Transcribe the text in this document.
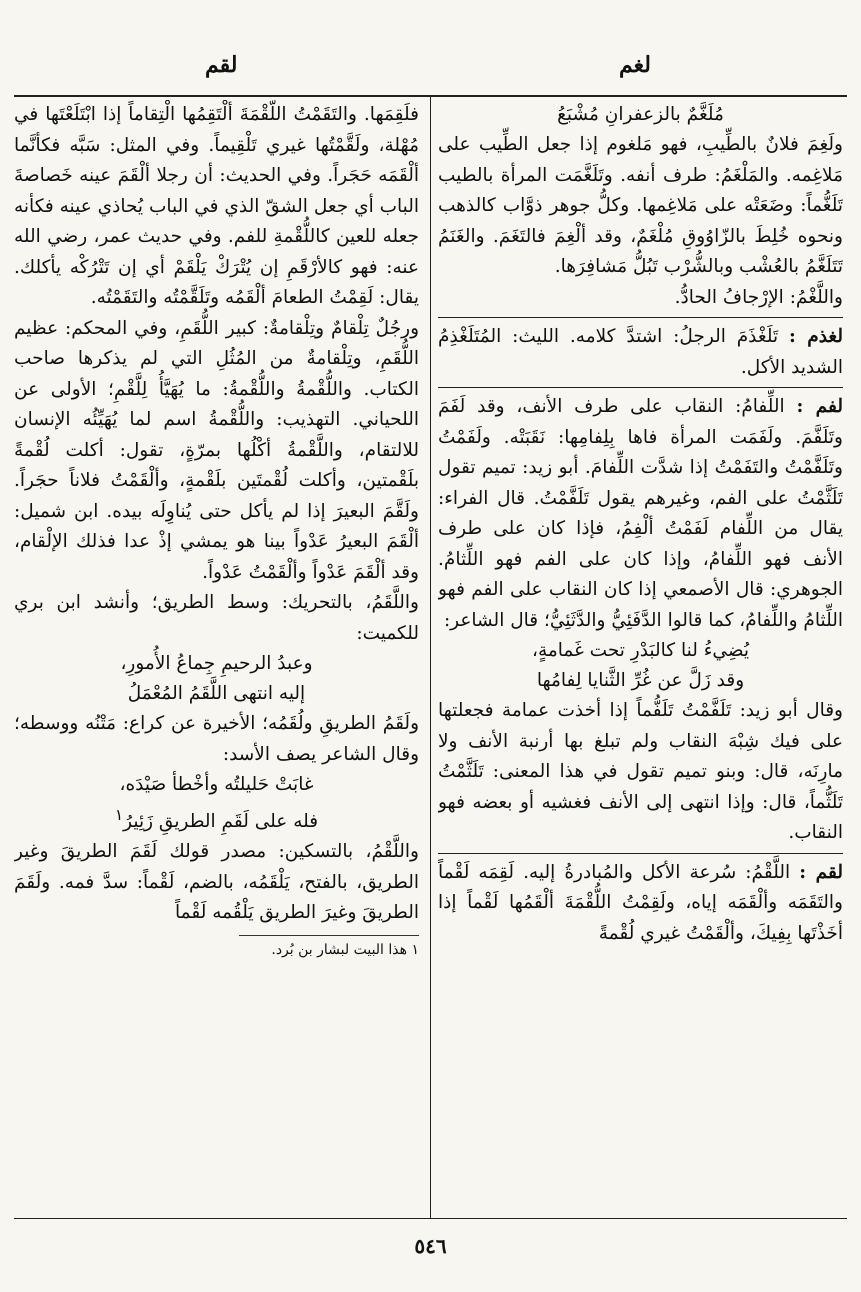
لغم
لقم

مُلَغَّمٌ بالزعفرانِ مُشْبَعُ

ولَغِمَ فلانٌ بالطِّيبِ، فهو مَلغوم إذا جعل الطِّيب على مَلاغِمه. والمَلْغَمُ: طرف أنفه. وتَلَغَّمَت المرأة بالطيب تَلَغُّماً: وضَعَتْه على مَلاغِمها. وكلُّ جوهر ذوَّاب كالذهب ونحوه خُلِطَ بالزّاوُوقِ مُلْغَمٌ، وقد ألْغِمَ فالتَغَمَ. والغَنَمُ تَتَلَغَّمُ بالعُشْب وبالشُّرْب تَبُلُّ مَشافِرَها.

واللَّغْمُ: الإرْجافُ الحادُّ.

لغذم : تَلَغْذَمَ الرجلُ: اشتدَّ كلامه. الليث: المُتَلَغْذِمُ الشديد الأكل.
لفم : اللِّفامُ: النقاب على طرف الأنف، وقد لَفَمَ وتَلَفَّمَ. ولَفَمَت المرأة فاها بِلِفامِها: نَقَبَتْه. ولَفَمْتُ وتَلَفَّمْتُ والتَفَمْتُ إذا شدَّت اللِّفامَ. أبو زيد: تميم تقول تَلَثَّمْتُ على الفم، وغيرهم يقول تَلَفَّمْتُ. قال الفراء: يقال من اللِّفام لَفَمْتُ ألْفِمُ، فإذا كان على طرف الأنف فهو اللِّفامُ، وإذا كان على الفم فهو اللِّثامُ. الجوهري: قال الأصمعي إذا كان النقاب على الفم فهو اللِّثامُ واللِّفامُ، كما قالوا الدَّفَئِيُّ والدَّثَئِيُّ؛ قال الشاعر:

يُضِيءُ لنا كالبَدْرِ تحت غَمامةٍ،

وقد زَلَّ عن غُرِّ الثَّنايا لِفامُها

وقال أبو زيد: تَلَفَّمْتُ تَلَفُّماً إذا أخذت عمامة فجعلتها على فيك شِبْهَ النقاب ولم تبلغ بها أرنبة الأنف ولا مارِنَه، قال: وبنو تميم تقول في هذا المعنى: تَلَثَّمْتُ تَلَثُّماً، قال: وإذا انتهى إلى الأنف فغشيه أو بعضه فهو النقاب.

لقم : اللَّقْمُ: سُرعة الأكل والمُبادرةُ إليه. لَقِمَه لَقْماً والتَقَمَه وألْقَمَه إياه، ولَقِمْتُ اللُّقْمَةَ ألْقَمُها لَقْماً إذا أخَذْتَها بِفِيكَ، وألْقَمْتُ غيري لُقْمةً

فلَقِمَها. والتَقَمْتُ اللُّقْمَةَ ألْتَقِمُها الْتِقاماً إذا ابْتَلَعْتَها في مُهْلة، ولَقَّمْتُها غيري تَلْقِيماً. وفي المثل: سَبَّه فكأنَّما ألْقَمَه حَجَراً. وفي الحديث: أن رجلا ألْقَمَ عينه خَصاصةَ الباب أي جعل الشقّ الذي في الباب يُحاذي عينه فكأنه جعله للعين كاللُّقْمةِ للفم. وفي حديث عمر، رضي الله عنه: فهو كالأرْقَمِ إن يُتْرَكْ يَلْقَمْ أي إن تَتْرُكْه يأكلك. يقال: لَقِمْتُ الطعامَ ألْقَمُه وتَلَقَّمْتُه والتَقَمْتُه.

ورجُلٌ تِلْقامٌ وتِلْقامةٌ: كبير اللُّقَمِ، وفي المحكم: عظيم اللُّقَمِ، وتِلْقامةٌ من المُثُلِ التي لم يذكرها صاحب الكتاب. واللُّقْمةُ واللُّقْمةُ: ما يُهَيَّأُ لِلَّقْمِ؛ الأولى عن اللحياني. التهذيب: واللُّقْمةُ اسم لما يُهَيِّئُه الإنسان للالتقام، واللَّقْمةُ أكْلُها بمرّةٍ، تقول: أكلت لُقْمةً بلَقْمتين، وأكلت لُقْمتَين بلَقْمةٍ، وألْقَمْتُ فلاناً حجَراً. ولَقَّمَ البعيرَ إذا لم يأكل حتى يُناوِلَه بيده. ابن شميل: ألْقَمَ البعيرُ عَدْواً بينا هو يمشي إذْ عدا فذلك الإلْقام، وقد ألْقَمَ عَدْواً وألْقَمْتُ عَدْواً.

واللَّقَمُ، بالتحريك: وسط الطريق؛ وأنشد ابن بري للكميت:

وعبدُ الرحيمِ جِماعُ الأُمورِ،

إليه انتهى اللَّقَمُ المُعْمَلُ

ولَقَمُ الطريقِ ولُقَمُه؛ الأخيرة عن كراع: مَتْنُه ووسطه؛ وقال الشاعر يصف الأسد:

غابَتْ حَليلتُه وأخْطأ صَيْدَه،

فله على لَقَمِ الطريقِ زَئِيرُ$^١$

واللَّقْمُ، بالتسكين: مصدر قولك لَقَمَ الطريقَ وغير الطريق، بالفتح، يَلْقَمُه، بالضم، لَقْماً: سدَّ فمه. ولَقَمَ الطريقَ وغيرَ الطريق يَلْقُمه لَقْماً

١ هذا البيت لبشار بن بُرد.

٥٤٦
